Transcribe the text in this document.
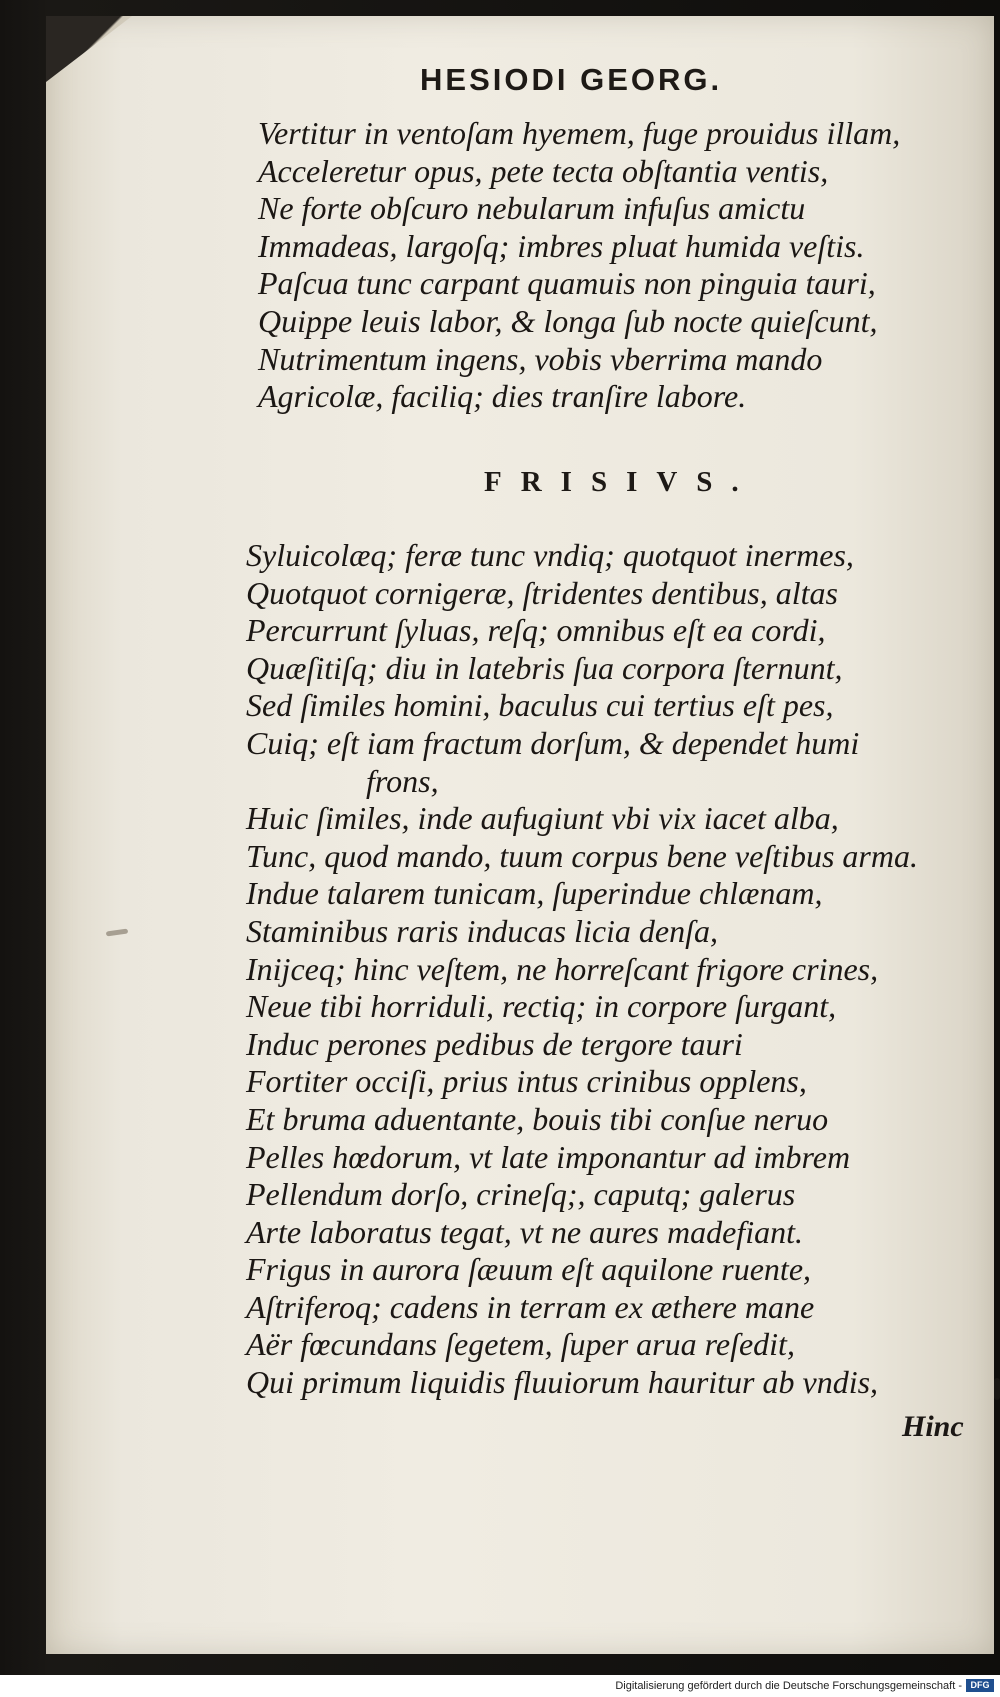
HESIODI GEORG.
Vertitur in ventoſam hyemem, fuge prouidus illam,
Acceleretur opus, pete tecta obſtantia ventis,
Ne forte obſcuro nebularum infuſus amictu
Immadeas, largoſq; imbres pluat humida veſtis.
Paſcua tunc carpant quamuis non pinguia tauri,
Quippe leuis labor, & longa ſub nocte quieſcunt,
Nutrimentum ingens, vobis vberrima mando
Agricolæ, faciliq; dies tranſire labore.
FRISIVS.
Syluicolæq; feræ tunc vndiq; quotquot inermes,
Quotquot cornigeræ, ſtridentes dentibus, altas
Percurrunt ſyluas, reſq; omnibus eſt ea cordi,
Quæſitiſq; diu in latebris ſua corpora ſternunt,
Sed ſimiles homini, baculus cui tertius eſt pes,
Cuiq; eſt iam fractum dorſum, & dependet humi
frons,
Huic ſimiles, inde aufugiunt vbi vix iacet alba,
Tunc, quod mando, tuum corpus bene veſtibus arma.
Indue talarem tunicam, ſuperindue chlænam,
Staminibus raris inducas licia denſa,
Inijceq; hinc veſtem, ne horreſcant frigore crines,
Neue tibi horriduli, rectiq; in corpore ſurgant,
Induc perones pedibus de tergore tauri
Fortiter occiſi, prius intus crinibus opplens,
Et bruma aduentante, bouis tibi conſue neruo
Pelles hœdorum, vt late imponantur ad imbrem
Pellendum dorſo, crineſq;, caputq; galerus
Arte laboratus tegat, vt ne aures madefiant.
Frigus in aurora ſæuum eſt aquilone ruente,
Aſtriferoq; cadens in terram ex æthere mane
Aër fœcundans ſegetem, ſuper arua reſedit,
Qui primum liquidis fluuiorum hauritur ab vndis,
Hinc
Digitalisierung gefördert durch die Deutsche Forschungsgemeinschaft - DFG
